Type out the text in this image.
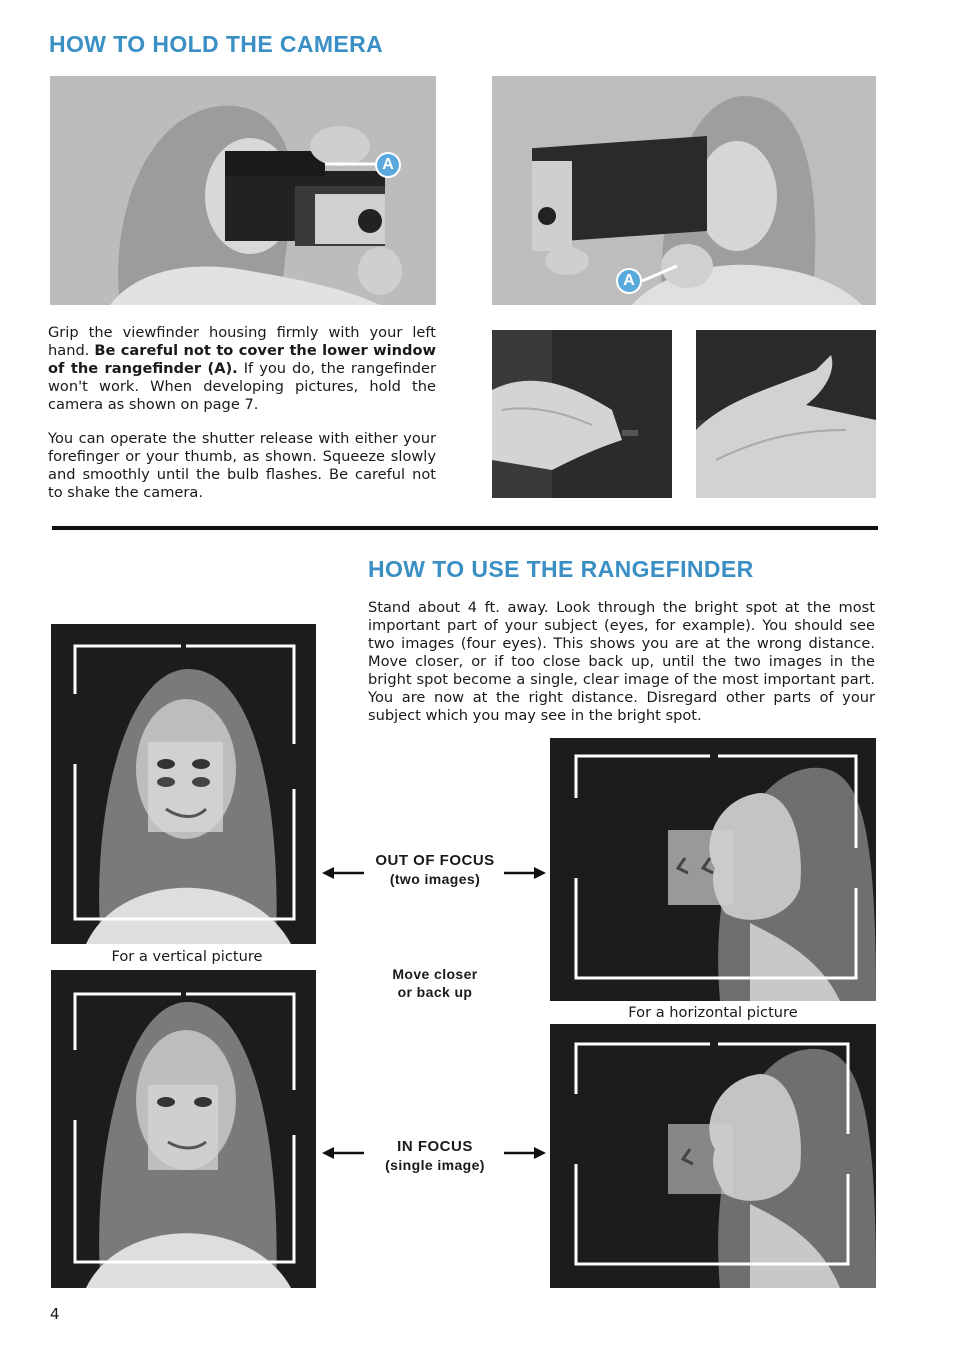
HOW TO HOLD THE CAMERA
A
A
Grip the viewfinder housing firmly with your left hand. Be careful not to cover the lower window of the rangefinder (A). If you do, the rangefinder won't work. When developing pictures, hold the camera as shown on page 7.
You can operate the shutter release with either your forefinger or your thumb, as shown. Squeeze slowly and smoothly until the bulb flashes. Be careful not to shake the camera.
HOW TO USE THE RANGEFINDER
Stand about 4 ft. away. Look through the bright spot at the most important part of your subject (eyes, for example). You should see two images (four eyes). This shows you are at the wrong distance. Move closer, or if too close back up, until the two images in the bright spot become a single, clear image of the most important part. You are now at the right distance. Disregard other parts of your subject which you may see in the bright spot.
For a vertical picture
For a horizontal picture
OUT OF FOCUS
(two images)
Move closer
or back up
IN FOCUS
(single image)
4
